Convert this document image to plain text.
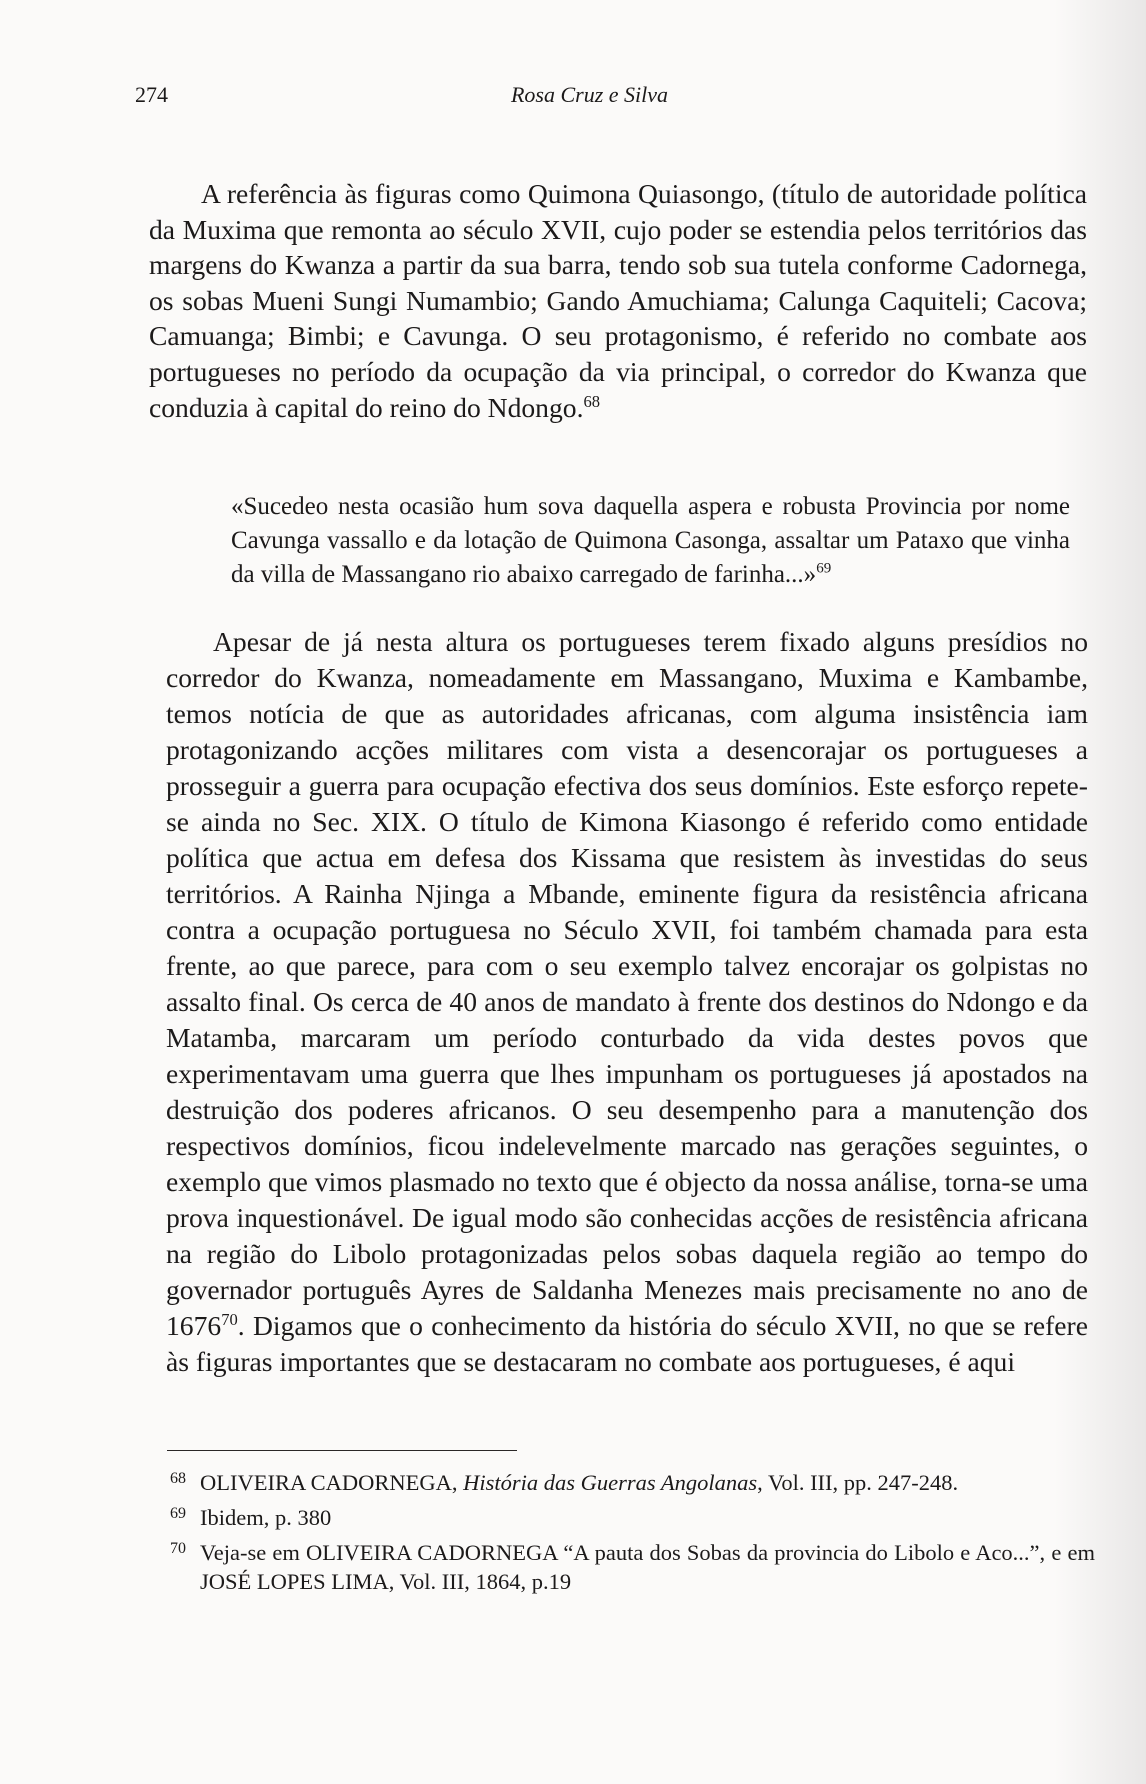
274	Rosa Cruz e Silva

A referência às figuras como Quimona Quiasongo, (título de autoridade política da Muxima que remonta ao século XVII, cujo poder se estendia pelos territórios das margens do Kwanza a partir da sua barra, tendo sob sua tutela conforme Cadornega, os sobas Mueni Sungi Numambio; Gando Amuchiama; Calunga Caquiteli; Cacova; Camuanga; Bimbi; e Cavunga. O seu protagonismo, é referido no combate aos portugueses no período da ocupação da via principal, o corredor do Kwanza que conduzia à capital do reino do Ndongo.$^{68}$

«Sucedeo nesta ocasião hum sova daquella aspera e robusta Provincia por nome Cavunga vassallo e da lotação de Quimona Casonga, assaltar um Pataxo que vinha da villa de Massangano rio abaixo carregado de farinha...»$^{69}$

Apesar de já nesta altura os portugueses terem fixado alguns presídios no corredor do Kwanza, nomeadamente em Massangano, Muxima e Kambambe, temos notícia de que as autoridades africanas, com alguma insistência iam protagonizando acções militares com vista a desencorajar os portugueses a prosseguir a guerra para ocupação efectiva dos seus domínios. Este esforço repete-se ainda no Sec. XIX. O título de Kimona Kiasongo é referido como entidade política que actua em defesa dos Kissama que resistem às investidas do seus territórios. A Rainha Njinga a Mbande, eminente figura da resistência africana contra a ocupação portuguesa no Século XVII, foi também chamada para esta frente, ao que parece, para com o seu exemplo talvez encorajar os golpistas no assalto final. Os cerca de 40 anos de mandato à frente dos destinos do Ndongo e da Matamba, marcaram um período conturbado da vida destes povos que experimentavam uma guerra que lhes impunham os portugueses já apostados na destruição dos poderes africanos. O seu desempenho para a manutenção dos respectivos domínios, ficou indelevelmente marcado nas gerações seguintes, o exemplo que vimos plasmado no texto que é objecto da nossa análise, torna-se uma prova inquestionável. De igual modo são conhecidas acções de resistência africana na região do Libolo protagonizadas pelos sobas daquela região ao tempo do governador português Ayres de Saldanha Menezes mais precisamente no ano de 1676$^{70}$. Digamos que o conhecimento da história do século XVII, no que se refere às figuras importantes que se destacaram no combate aos portugueses, é aqui

68 OLIVEIRA CADORNEGA, História das Guerras Angolanas, Vol. III, pp. 247-248.
69 Ibidem, p. 380
70 Veja-se em OLIVEIRA CADORNEGA “A pauta dos Sobas da provincia do Libolo e Aco...”, e em JOSÉ LOPES LIMA, Vol. III, 1864, p.19
